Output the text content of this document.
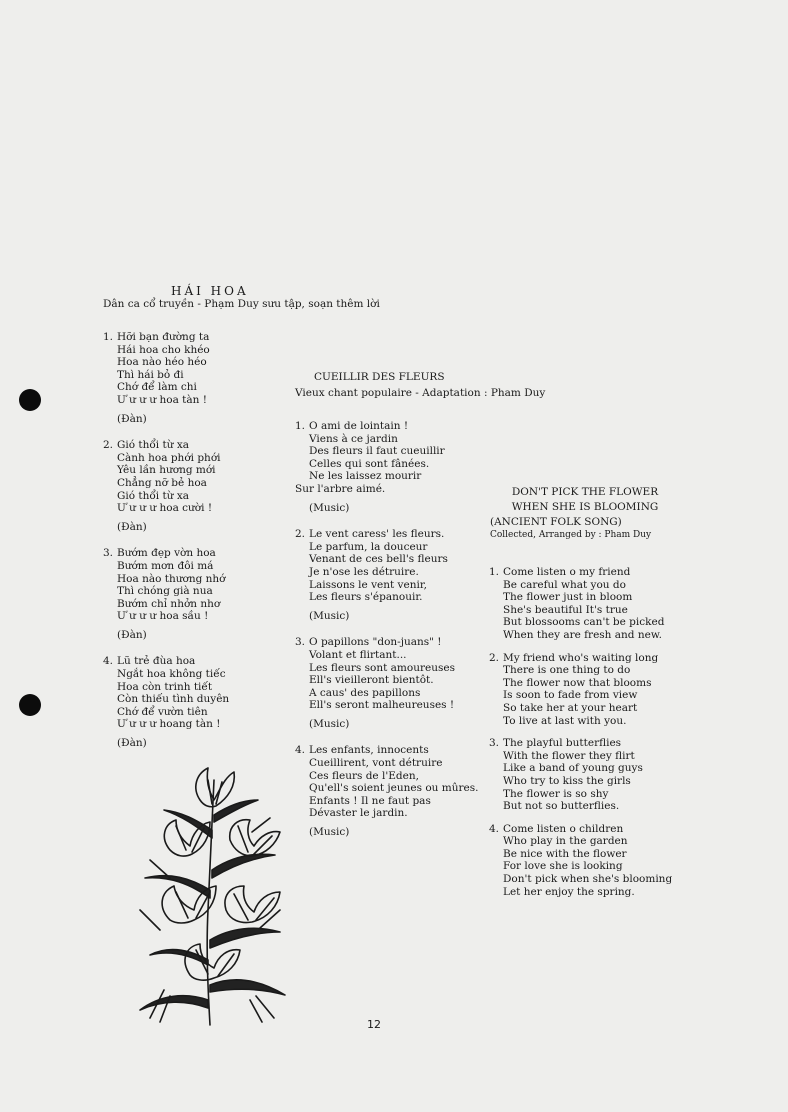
HÁI HOA
Dân ca cổ truyền - Phạm Duy sưu tập, soạn thêm lời
1. Hỡi bạn đường ta
Hái hoa cho khéo
Hoa nào héo héo
Thì hái bỏ đi
Chớ để làm chi
Ư ư ư ư hoa tàn !
(Đàn)
2. Gió thổi từ xa
Cành hoa phới phới
Yêu lần hương mới
Chẳng nỡ bẻ hoa
Gió thổi từ xa
Ư ư ư ư hoa cười !
(Đàn)
3. Bướm đẹp vờn hoa
Bướm mơn đôi má
Hoa nào thương nhớ
Thì chóng già nua
Bướm chỉ nhởn nhơ
Ư ư ư ư hoa sầu !
(Đàn)
4. Lũ trẻ đùa hoa
Ngắt hoa không tiếc
Hoa còn trinh tiết
Còn thiếu tình duyên
Chớ để vườn tiên
Ư ư ư ư hoang tàn !
(Đàn)
CUEILLIR DES FLEURS
Vieux chant populaire - Adaptation : Pham Duy
1. O ami de lointain !
Viens à ce jardin
Des fleurs il faut cueuillir
Celles qui sont fânées.
Ne les laissez mourir
Sur l'arbre aimé.
(Music)
2. Le vent caress' les fleurs.
Le parfum, la douceur
Venant de ces bell's fleurs
Je n'ose les détruire.
Laissons le vent venir,
Les fleurs s'épanouir.
(Music)
3. O papillons "don-juans" !
Volant et flirtant...
Les fleurs sont amoureuses
Ell's vieilleront bientôt.
A caus' des papillons
Ell's seront malheureuses !
(Music)
4. Les enfants, innocents
Cueillirent, vont détruire
Ces fleurs de l'Eden,
Qu'ell's soient jeunes ou mûres.
Enfants ! Il ne faut pas
Dévaster le jardin.
(Music)
DON'T PICK THE FLOWER
WHEN SHE IS BLOOMING
(ANCIENT FOLK SONG)
Collected, Arranged by : Pham Duy
1. Come listen o my friend
Be careful what you do
The flower just in bloom
She's beautiful It's true
But blossooms can't be picked
When they are fresh and new.
2. My friend who's waiting long
There is one thing to do
The flower now that blooms
Is soon to fade from view
So take her at your heart
To live at last with you.
3. The playful butterflies
With the flower they flirt
Like a band of young guys
Who try to kiss the girls
The flower is so shy
But not so butterflies.
4. Come listen o children
Who play in the garden
Be nice with the flower
For love she is looking
Don't pick when she's blooming
Let her enjoy the spring.
12
